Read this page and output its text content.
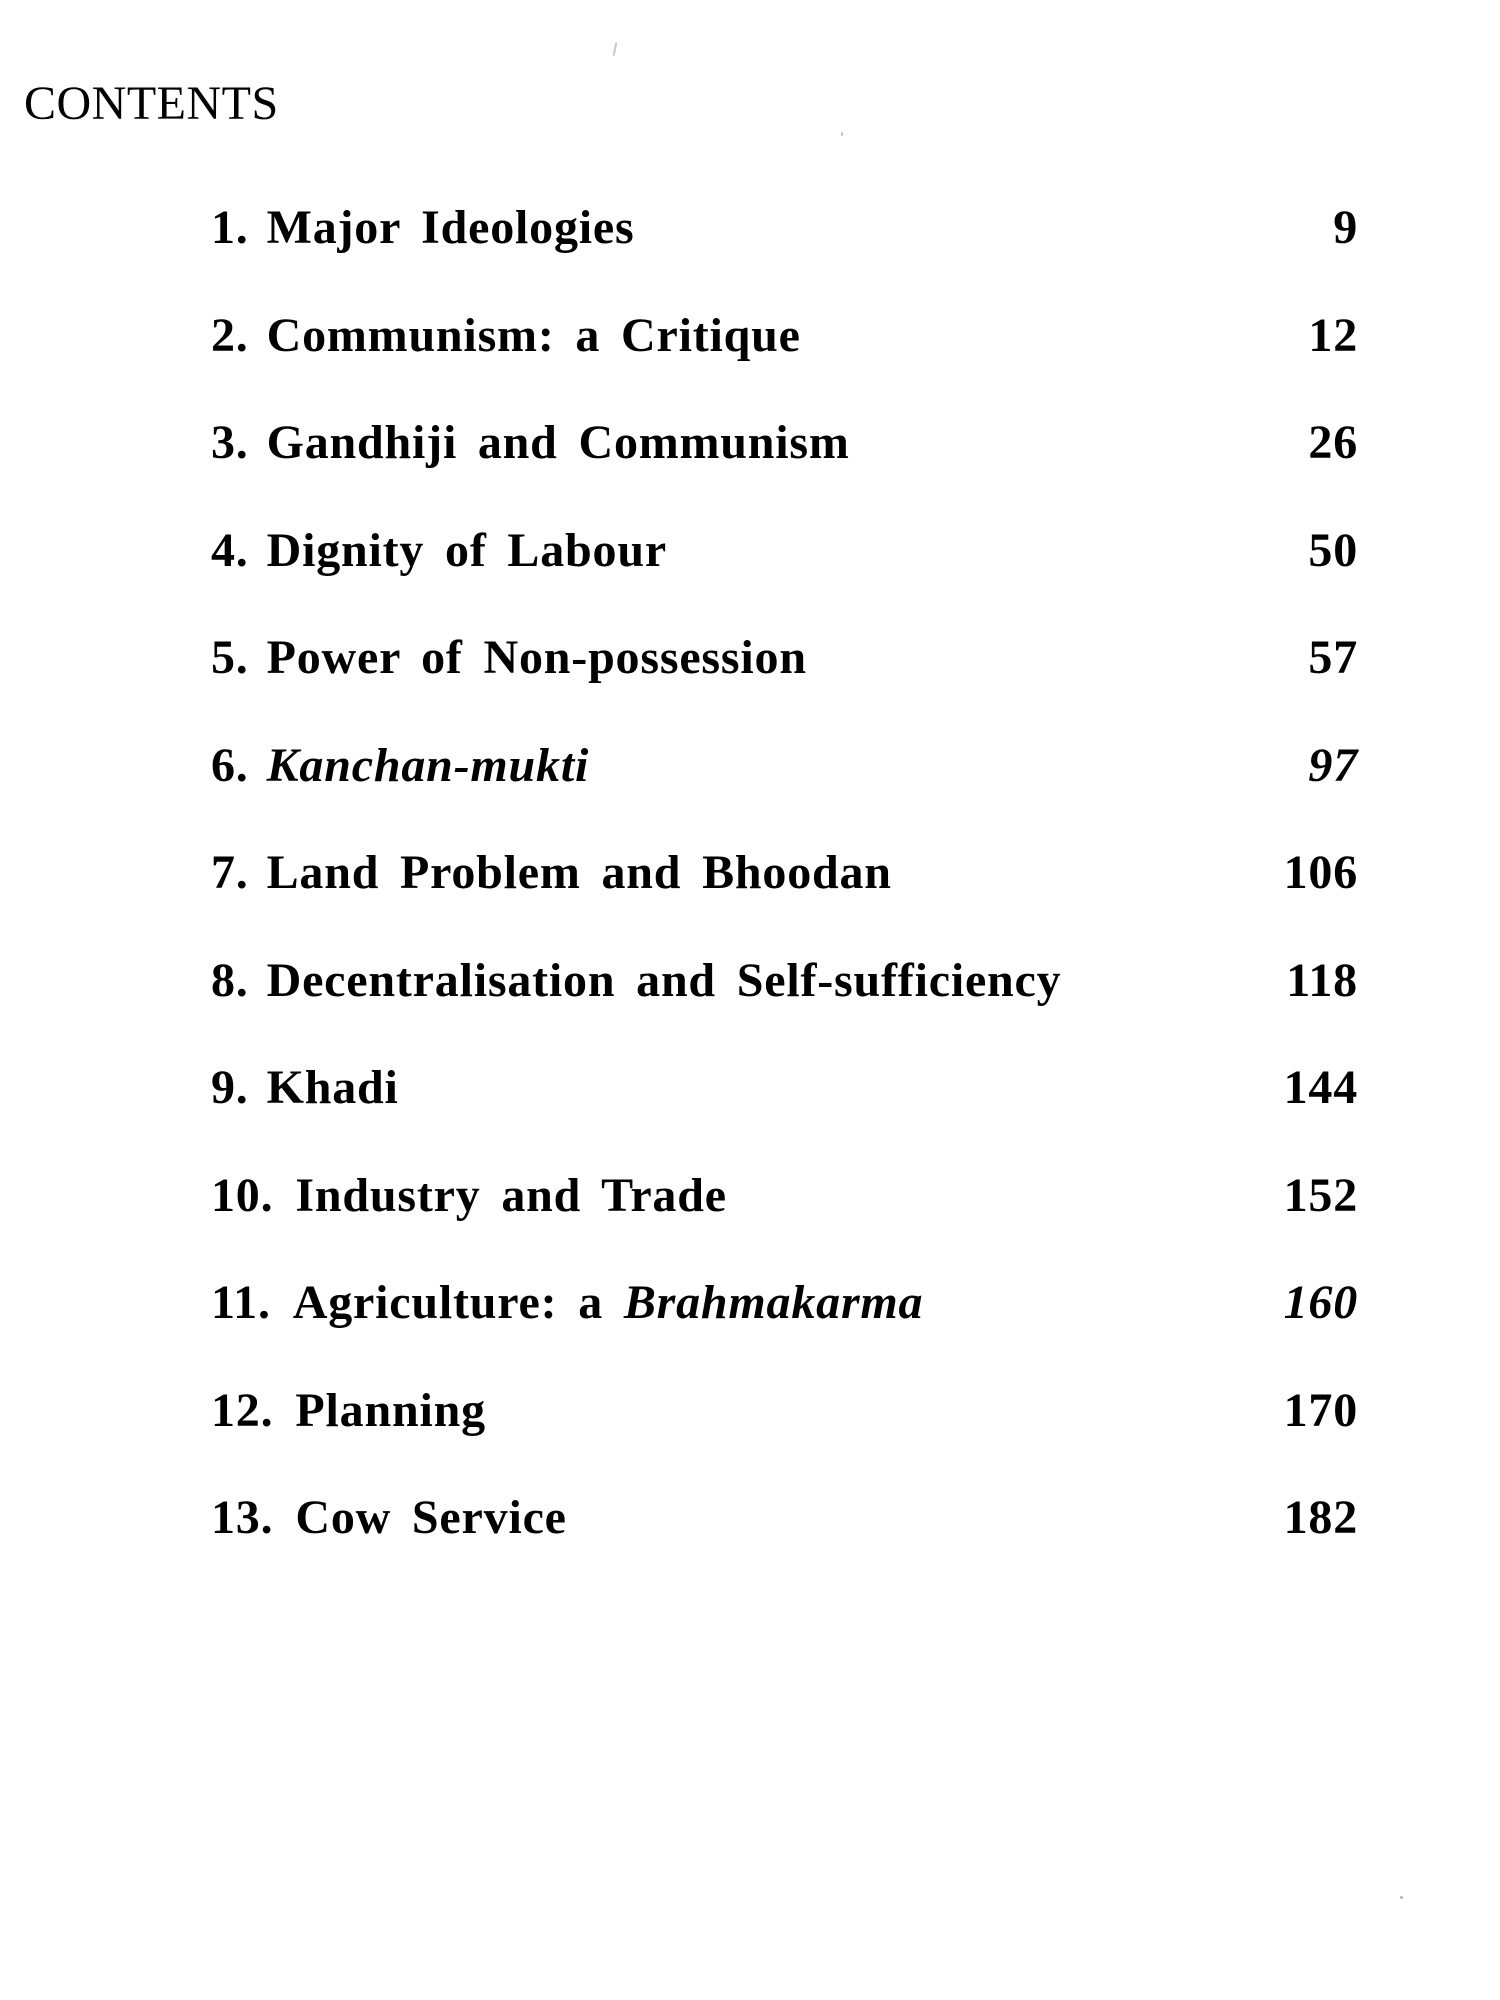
CONTENTS
1. Major Ideologies	9
2. Communism: a Critique	12
3. Gandhiji and Communism	26
4. Dignity of Labour	50
5. Power of Non-possession	57
6. Kanchan-mukti	97
7. Land Problem and Bhoodan	106
8. Decentralisation and Self-sufficiency	118
9. Khadi	144
10. Industry and Trade	152
11. Agriculture: a Brahmakarma	160
12. Planning	170
13. Cow Service	182
